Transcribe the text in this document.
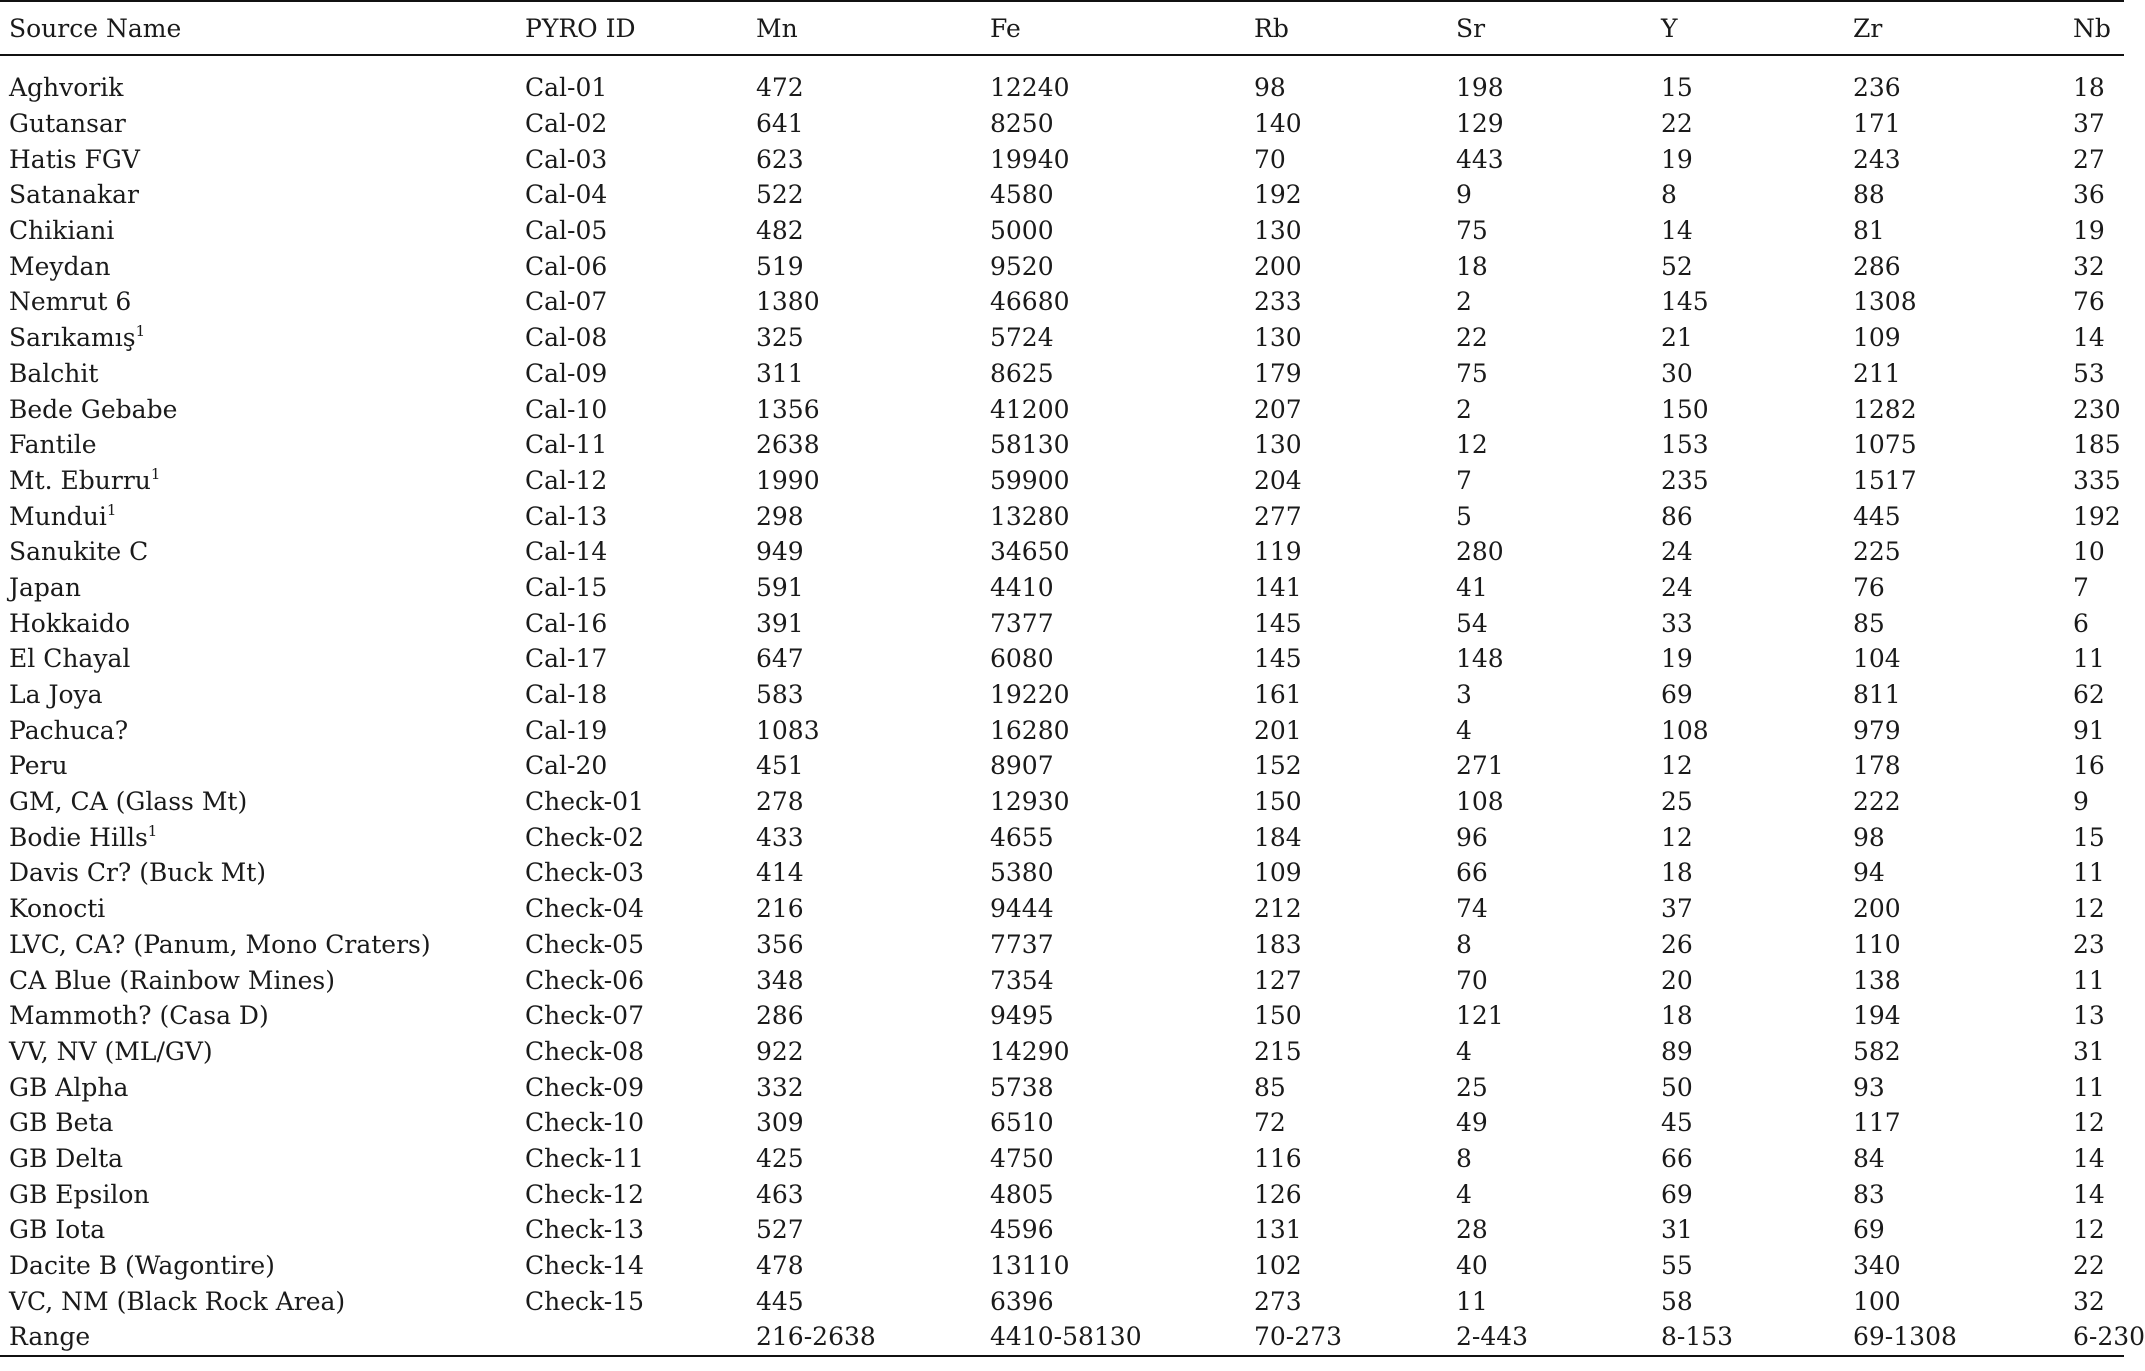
Source Name	PYRO ID	Mn	Fe	Rb	Sr	Y	Zr	Nb
Aghvorik	Cal-01	472	12240	98	198	15	236	18
Gutansar	Cal-02	641	8250	140	129	22	171	37
Hatis FGV	Cal-03	623	19940	70	443	19	243	27
Satanakar	Cal-04	522	4580	192	9	8	88	36
Chikiani	Cal-05	482	5000	130	75	14	81	19
Meydan	Cal-06	519	9520	200	18	52	286	32
Nemrut 6	Cal-07	1380	46680	233	2	145	1308	76
Sarıkamış$^1$	Cal-08	325	5724	130	22	21	109	14
Balchit	Cal-09	311	8625	179	75	30	211	53
Bede Gebabe	Cal-10	1356	41200	207	2	150	1282	230
Fantile	Cal-11	2638	58130	130	12	153	1075	185
Mt. Eburru$^1$	Cal-12	1990	59900	204	7	235	1517	335
Mundui$^1$	Cal-13	298	13280	277	5	86	445	192
Sanukite C	Cal-14	949	34650	119	280	24	225	10
Japan	Cal-15	591	4410	141	41	24	76	7
Hokkaido	Cal-16	391	7377	145	54	33	85	6
El Chayal	Cal-17	647	6080	145	148	19	104	11
La Joya	Cal-18	583	19220	161	3	69	811	62
Pachuca?	Cal-19	1083	16280	201	4	108	979	91
Peru	Cal-20	451	8907	152	271	12	178	16
GM, CA (Glass Mt)	Check-01	278	12930	150	108	25	222	9
Bodie Hills$^1$	Check-02	433	4655	184	96	12	98	15
Davis Cr? (Buck Mt)	Check-03	414	5380	109	66	18	94	11
Konocti	Check-04	216	9444	212	74	37	200	12
LVC, CA? (Panum, Mono Craters)	Check-05	356	7737	183	8	26	110	23
CA Blue (Rainbow Mines)	Check-06	348	7354	127	70	20	138	11
Mammoth? (Casa D)	Check-07	286	9495	150	121	18	194	13
VV, NV (ML/GV)	Check-08	922	14290	215	4	89	582	31
GB Alpha	Check-09	332	5738	85	25	50	93	11
GB Beta	Check-10	309	6510	72	49	45	117	12
GB Delta	Check-11	425	4750	116	8	66	84	14
GB Epsilon	Check-12	463	4805	126	4	69	83	14
GB Iota	Check-13	527	4596	131	28	31	69	12
Dacite B (Wagontire)	Check-14	478	13110	102	40	55	340	22
VC, NM (Black Rock Area)	Check-15	445	6396	273	11	58	100	32
Range		216-2638	4410-58130	70-273	2-443	8-153	69-1308	6-230
